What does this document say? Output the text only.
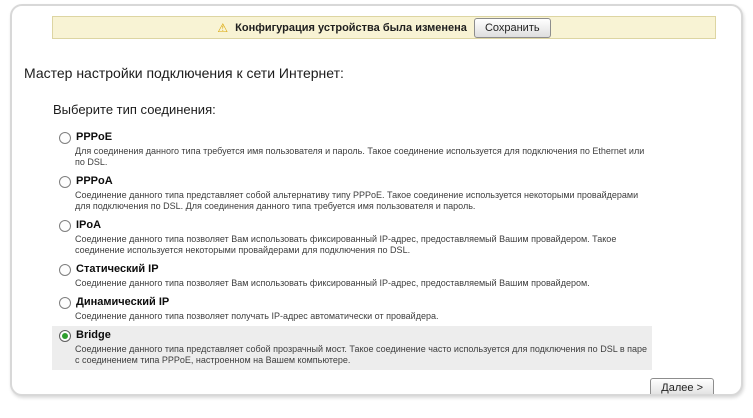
⚠ Конфигурация устройства была изменена	Сохранить
Мастер настройки подключения к сети Интернет:
Выберите тип соединения:
PPPoE
Для соединения данного типа требуется имя пользователя и пароль. Такое соединение используется для подключения по Ethernet или по DSL.
PPPoA
Соединение данного типа представляет собой альтернативу типу PPPoE. Такое соединение используется некоторыми провайдерами для подключения по DSL. Для соединения данного типа требуется имя пользователя и пароль.
IPoA
Соединение данного типа позволяет Вам использовать фиксированный IP-адрес, предоставляемый Вашим провайдером. Такое соединение используется некоторыми провайдерами для подключения по DSL.
Статический IP
Соединение данного типа позволяет Вам использовать фиксированный IP-адрес, предоставляемый Вашим провайдером.
Динамический IP
Соединение данного типа позволяет получать IP-адрес автоматически от провайдера.
Bridge
Соединение данного типа представляет собой прозрачный мост. Такое соединение часто используется для подключения по DSL в паре с соединением типа PPPoE, настроенном на Вашем компьютере.
Далее >
